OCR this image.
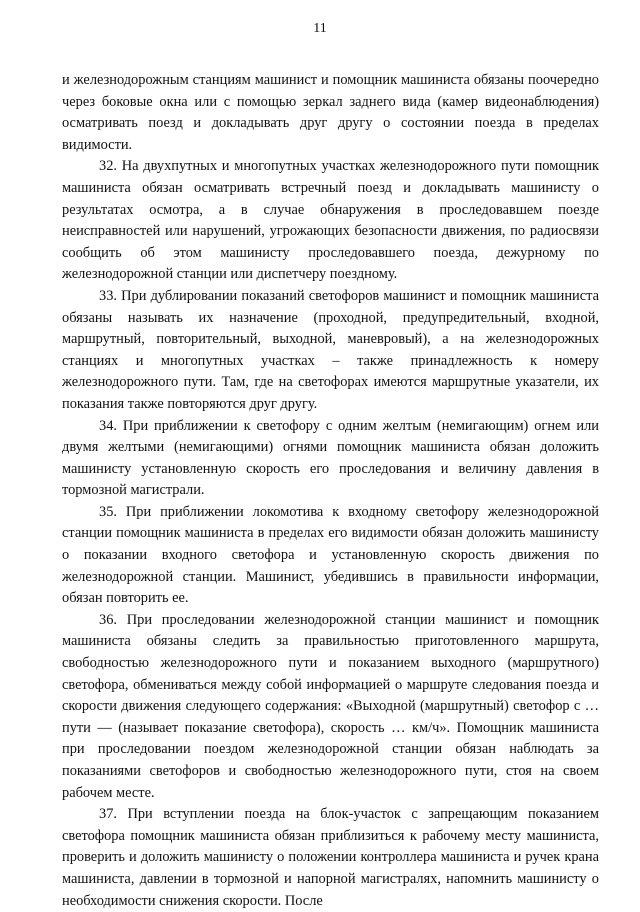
11

и железнодорожным станциям машинист и помощник машиниста обязаны поочередно через боковые окна или с помощью зеркал заднего вида (камер видеонаблюдения) осматривать поезд и докладывать друг другу о состоянии поезда в пределах видимости.

32. На двухпутных и многопутных участках железнодорожного пути помощник машиниста обязан осматривать встречный поезд и докладывать машинисту о результатах осмотра, а в случае обнаружения в проследовавшем поезде неисправностей или нарушений, угрожающих безопасности движения, по радиосвязи сообщить об этом машинисту проследовавшего поезда, дежурному по железнодорожной станции или диспетчеру поездному.

33. При дублировании показаний светофоров машинист и помощник машиниста обязаны называть их назначение (проходной, предупредительный, входной, маршрутный, повторительный, выходной, маневровый), а на железнодорожных станциях и многопутных участках – также принадлежность к номеру железнодорожного пути. Там, где на светофорах имеются маршрутные указатели, их показания также повторяются друг другу.

34. При приближении к светофору с одним желтым (немигающим) огнем или двумя желтыми (немигающими) огнями помощник машиниста обязан доложить машинисту установленную скорость его проследования и величину давления в тормозной магистрали.

35. При приближении локомотива к входному светофору железнодорожной станции помощник машиниста в пределах его видимости обязан доложить машинисту о показании входного светофора и установленную скорость движения по железнодорожной станции. Машинист, убедившись в правильности информации, обязан повторить ее.

36. При проследовании железнодорожной станции машинист и помощник машиниста обязаны следить за правильностью приготовленного маршрута, свободностью железнодорожного пути и показанием выходного (маршрутного) светофора, обмениваться между собой информацией о маршруте следования поезда и скорости движения следующего содержания: «Выходной (маршрутный) светофор с … пути — (называет показание светофора), скорость … км/ч». Помощник машиниста при проследовании поездом железнодорожной станции обязан наблюдать за показаниями светофоров и свободностью железнодорожного пути, стоя на своем рабочем месте.

37. При вступлении поезда на блок-участок с запрещающим показанием светофора помощник машиниста обязан приблизиться к рабочему месту машиниста, проверить и доложить машинисту о положении контроллера машиниста и ручек крана машиниста, давлении в тормозной и напорной магистралях, напомнить машинисту о необходимости снижения скорости. После
